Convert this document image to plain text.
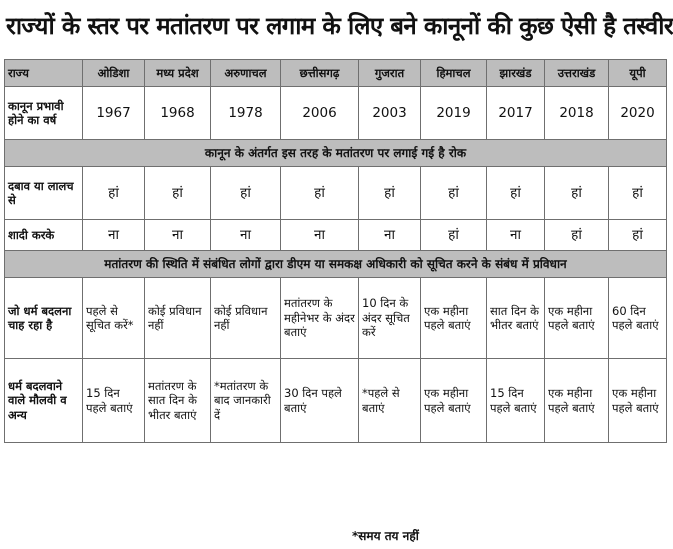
राज्यों के स्तर पर मतांतरण पर लगाम के लिए बने कानूनों की कुछ ऐसी है तस्वीर
राज्य	ओडिशा	मध्य प्रदेश	अरुणाचल	छत्तीसगढ़	गुजरात	हिमाचल	झारखंड	उत्तराखंड	यूपी
कानून प्रभावी होने का वर्ष	1967	1968	1978	2006	2003	2019	2017	2018	2020
कानून के अंतर्गत इस तरह के मतांतरण पर लगाई गई है रोक									
दबाव या लालच से	हां	हां	हां	हां	हां	हां	हां	हां	हां
शादी करके	ना	ना	ना	ना	ना	हां	ना	हां	हां
मतांतरण की स्थिति में संबंधित लोगों द्वारा डीएम या समकक्ष अधिकारी को सूचित करने के संबंध में प्रविधान									
जो धर्म बदलना चाह रहा है	पहले से सूचित करें*	कोई प्रविधान नहीं	कोई प्रविधान नहीं	मतांतरण के महीनेभर के अंदर बताएं	10 दिन के अंदर सूचित करें	एक महीना पहले बताएं	सात दिन के भीतर बताएं	एक महीना पहले बताएं	60 दिन पहले बताएं
धर्म बदलवाने वाले मौलवी व अन्य	15 दिन पहले बताएं	मतांतरण के सात दिन के भीतर बताएं	*मतांतरण के बाद जानकारी दें	30 दिन पहले बताएं	*पहले से बताएं	एक महीना पहले बताएं	15 दिन पहले बताएं	एक महीना पहले बताएं	एक महीना पहले बताएं
*समय तय नहीं
